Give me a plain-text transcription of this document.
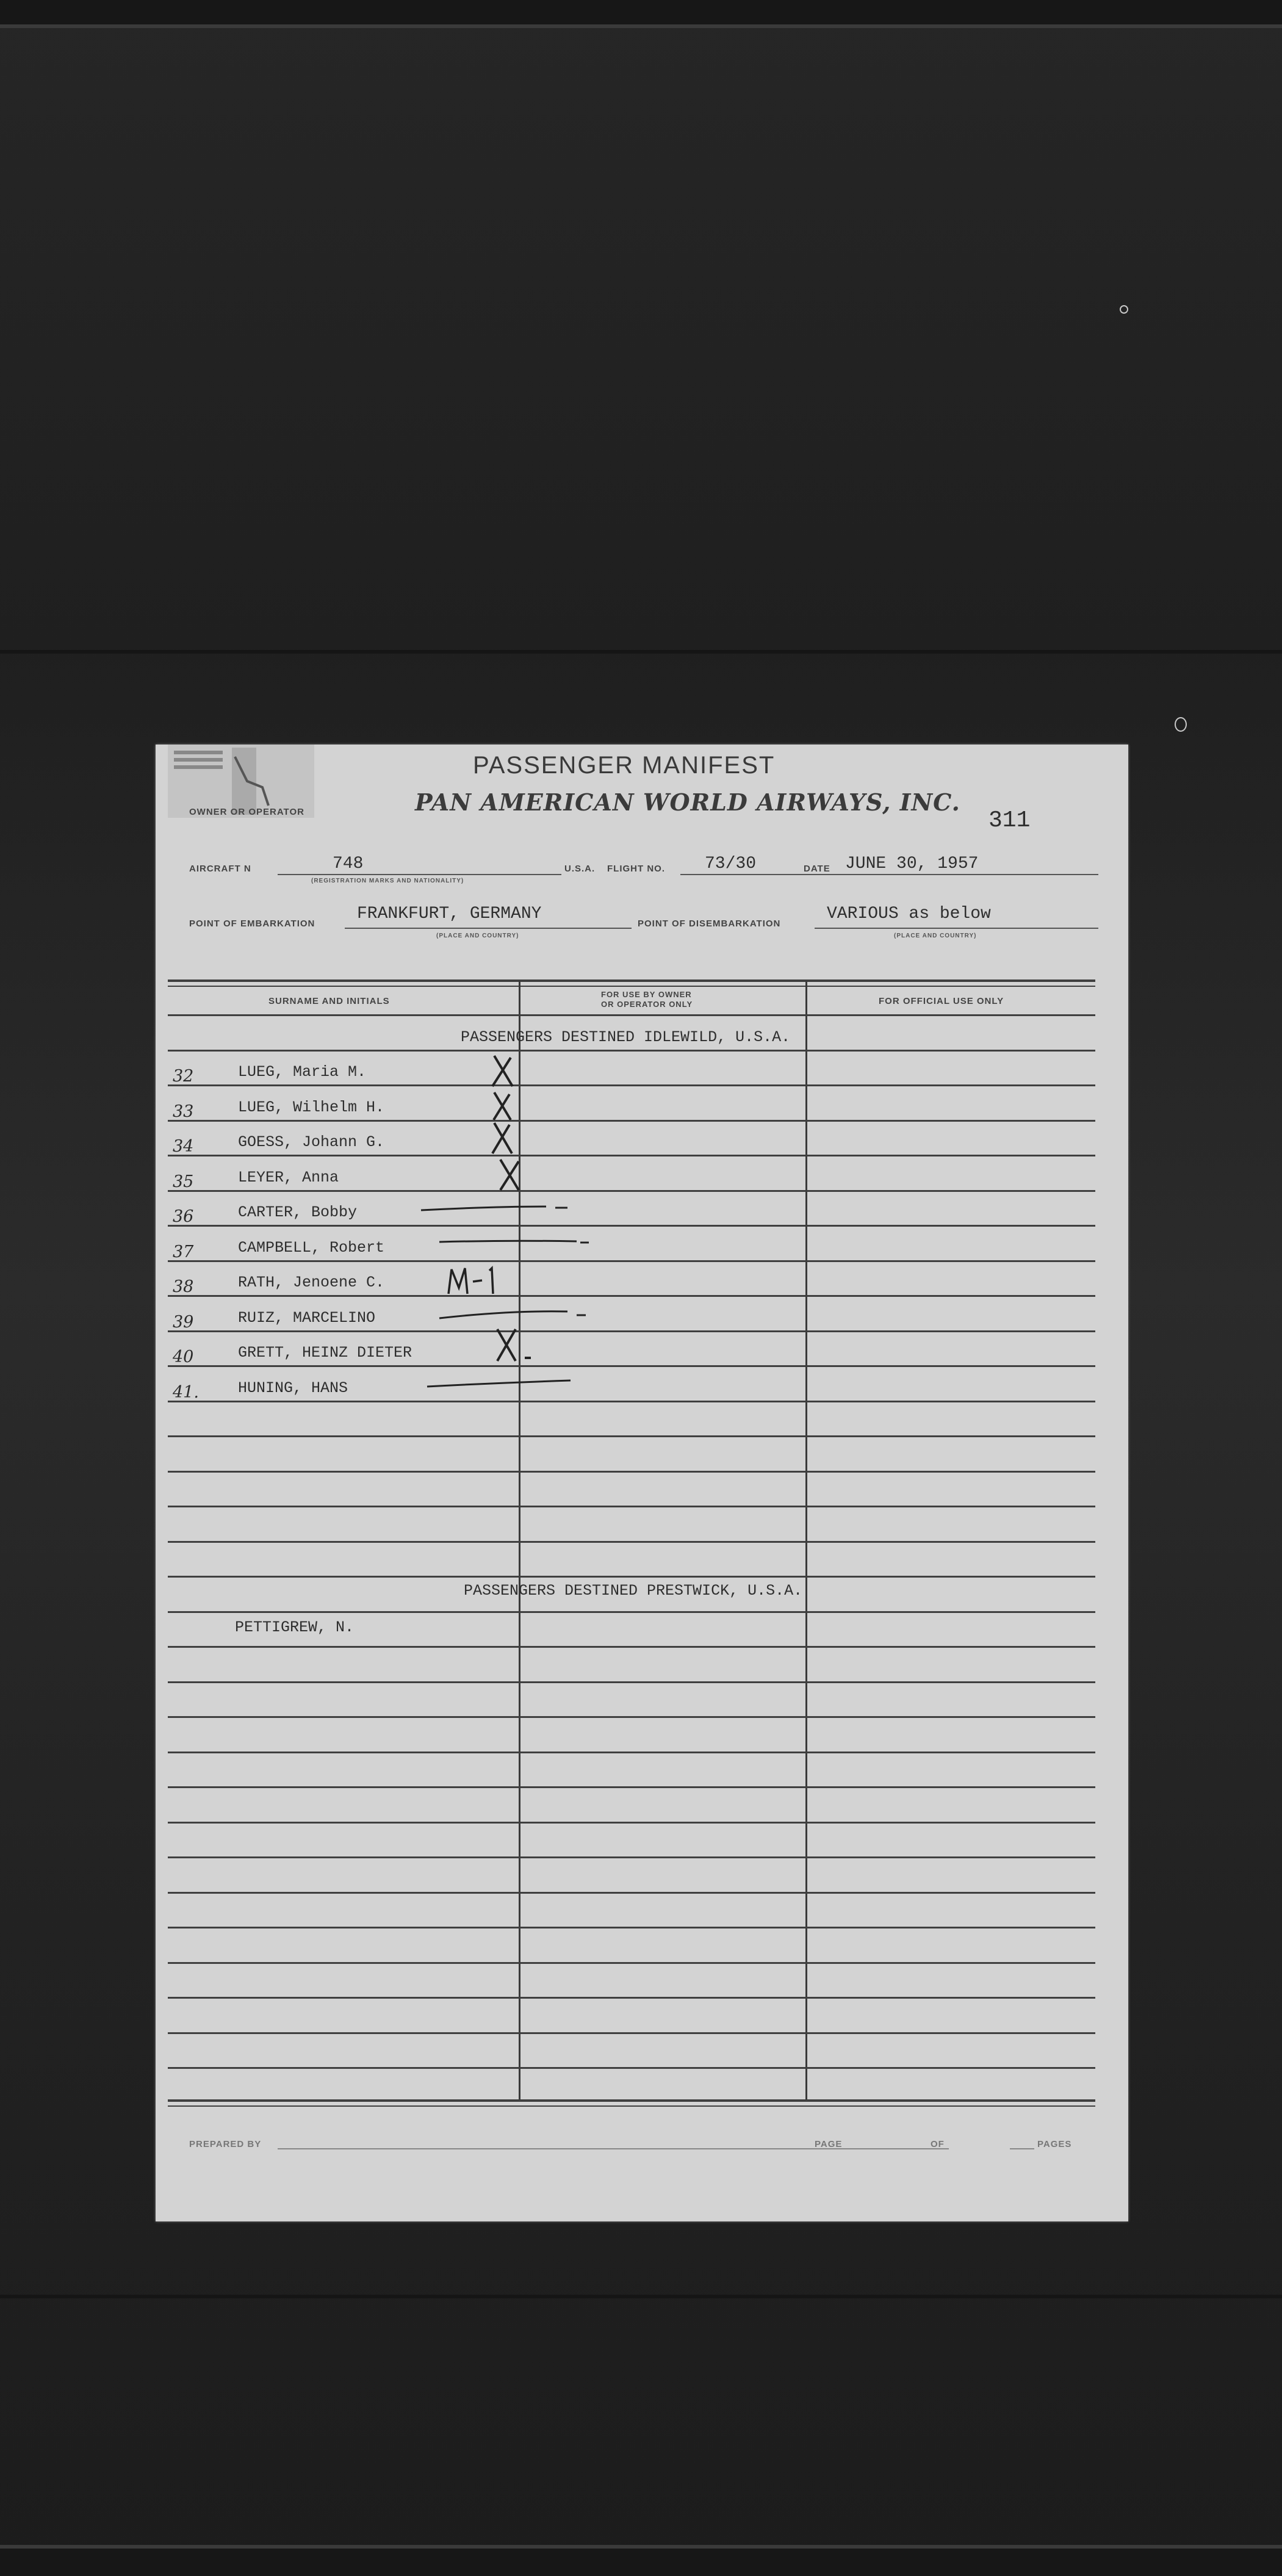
PASSENGER MANIFEST
PAN AMERICAN WORLD AIRWAYS, INC.
311
OWNER OR OPERATOR
AIRCRAFT N	748
(REGISTRATION MARKS AND NATIONALITY)
U.S.A. FLIGHT NO. 73/30	DATE JUNE 30, 1957
POINT OF EMBARKATION
FRANKFURT, GERMANY
(PLACE AND COUNTRY)
POINT OF DISEMBARKATION
VARIOUS as below
(PLACE AND COUNTRY)
SURNAME AND INITIALS
FOR USE BY OWNER
OR OPERATOR ONLY	FOR OFFICIAL USE ONLY
PASSENGERS DESTINED IDLEWILD, U.S.A.
32	LUEG, Maria M.
33	LUEG, Wilhelm H.
34	GOESS, Johann G.
35	LEYER, Anna
36	CARTER, Bobby
37	CAMPBELL, Robert
38	RATH, Jenoene C.
39	RUIZ, MARCELINO
40	GRETT, HEINZ DIETER
41.	HUNING, HANS
PASSENGERS DESTINED PRESTWICK, U.S.A.
PETTIGREW, N.
PREPARED BY	PAGE	OF	PAGES
